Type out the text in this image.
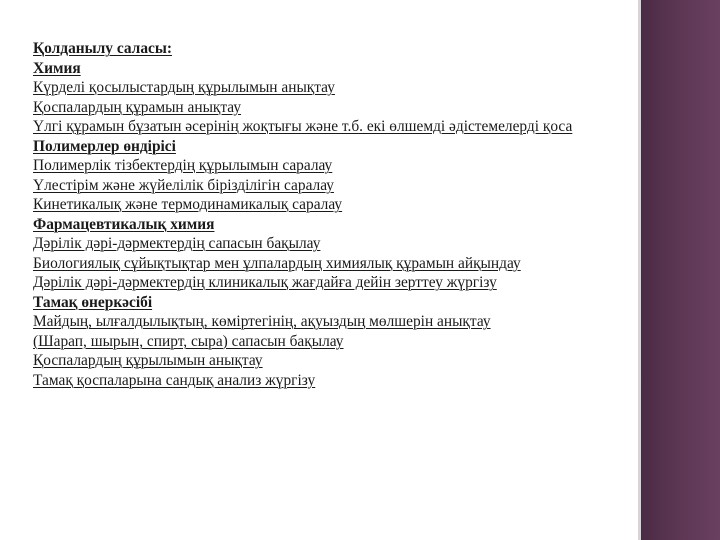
Қолданылу саласы:
Химия
Күрделі қосылыстардың құрылымын анықтау
Қоспалардың құрамын анықтау
Үлгі құрамын бұзатын әсерінің жоқтығы және т.б. екі өлшемді әдістемелерді қоса
Полимерлер өндірісі
Полимерлік тізбектердің құрылымын саралау
Үлестірім және жүйелілік бірізділігін саралау
Кинетикалық және термодинамикалық саралау
Фармацевтикалық химия
Дәрілік дәрі-дәрмектердің сапасын бақылау
Биологиялық сұйықтықтар мен ұлпалардың химиялық құрамын айқындау
Дәрілік дәрі-дәрмектердің клиникалық жағдайға дейін зерттеу жүргізу
Тамақ өнеркәсібі
Майдың, ылғалдылықтың, көміртегінің, ақуыздың мөлшерін анықтау
(Шарап, шырын, спирт, сыра) сапасын бақылау
Қоспалардың құрылымын анықтау
Тамақ қоспаларына сандық анализ жүргізу
